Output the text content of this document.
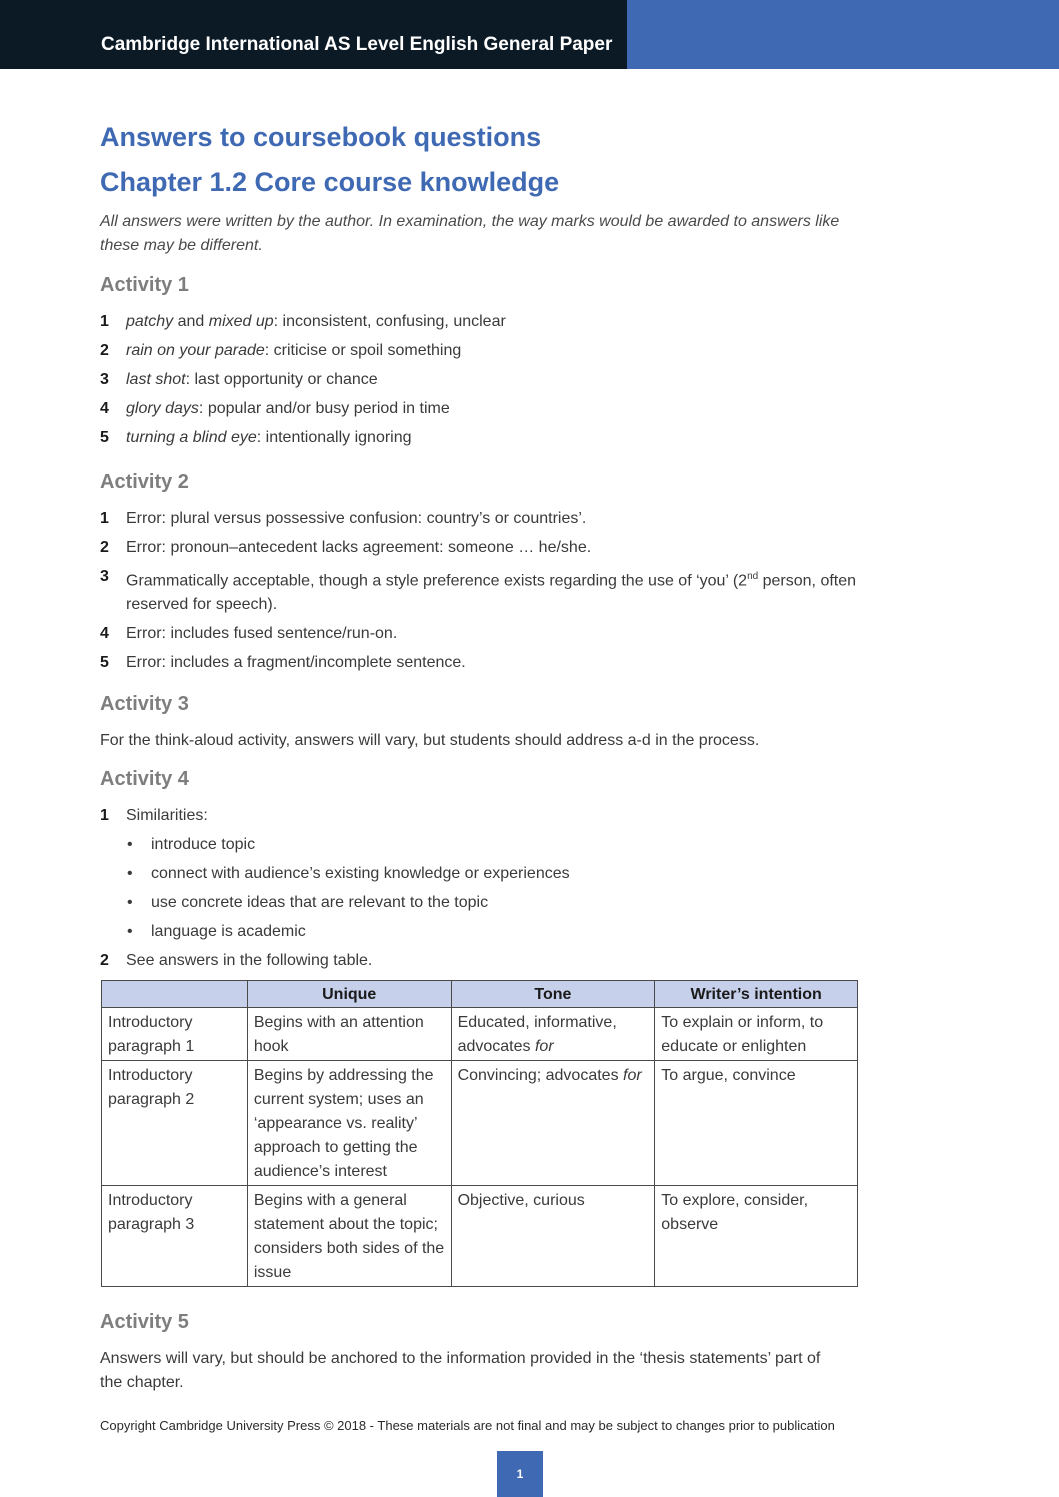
Cambridge International AS Level English General Paper
Answers to coursebook questions
Chapter 1.2 Core course knowledge
All answers were written by the author. In examination, the way marks would be awarded to answers like these may be different.
Activity 1
1 patchy and mixed up: inconsistent, confusing, unclear
2 rain on your parade: criticise or spoil something
3 last shot: last opportunity or chance
4 glory days: popular and/or busy period in time
5 turning a blind eye: intentionally ignoring
Activity 2
1 Error: plural versus possessive confusion: country’s or countries’.
2 Error: pronoun–antecedent lacks agreement: someone … he/she.
3 Grammatically acceptable, though a style preference exists regarding the use of ‘you’ (2nd person, often reserved for speech).
4 Error: includes fused sentence/run-on.
5 Error: includes a fragment/incomplete sentence.
Activity 3
For the think-aloud activity, answers will vary, but students should address a-d in the process.
Activity 4
1 Similarities:
• introduce topic
• connect with audience’s existing knowledge or experiences
• use concrete ideas that are relevant to the topic
• language is academic
2 See answers in the following table.
	Unique	Tone	Writer’s intention
Introductory paragraph 1	Begins with an attention hook	Educated, informative, advocates for	To explain or inform, to educate or enlighten
Introductory paragraph 2	Begins by addressing the current system; uses an ‘appearance vs. reality’ approach to getting the audience’s interest	Convincing; advocates for	To argue, convince
Introductory paragraph 3	Begins with a general statement about the topic; considers both sides of the issue	Objective, curious	To explore, consider, observe
Activity 5
Answers will vary, but should be anchored to the information provided in the ‘thesis statements’ part of the chapter.
Copyright Cambridge University Press © 2018 - These materials are not final and may be subject to changes prior to publication
1
